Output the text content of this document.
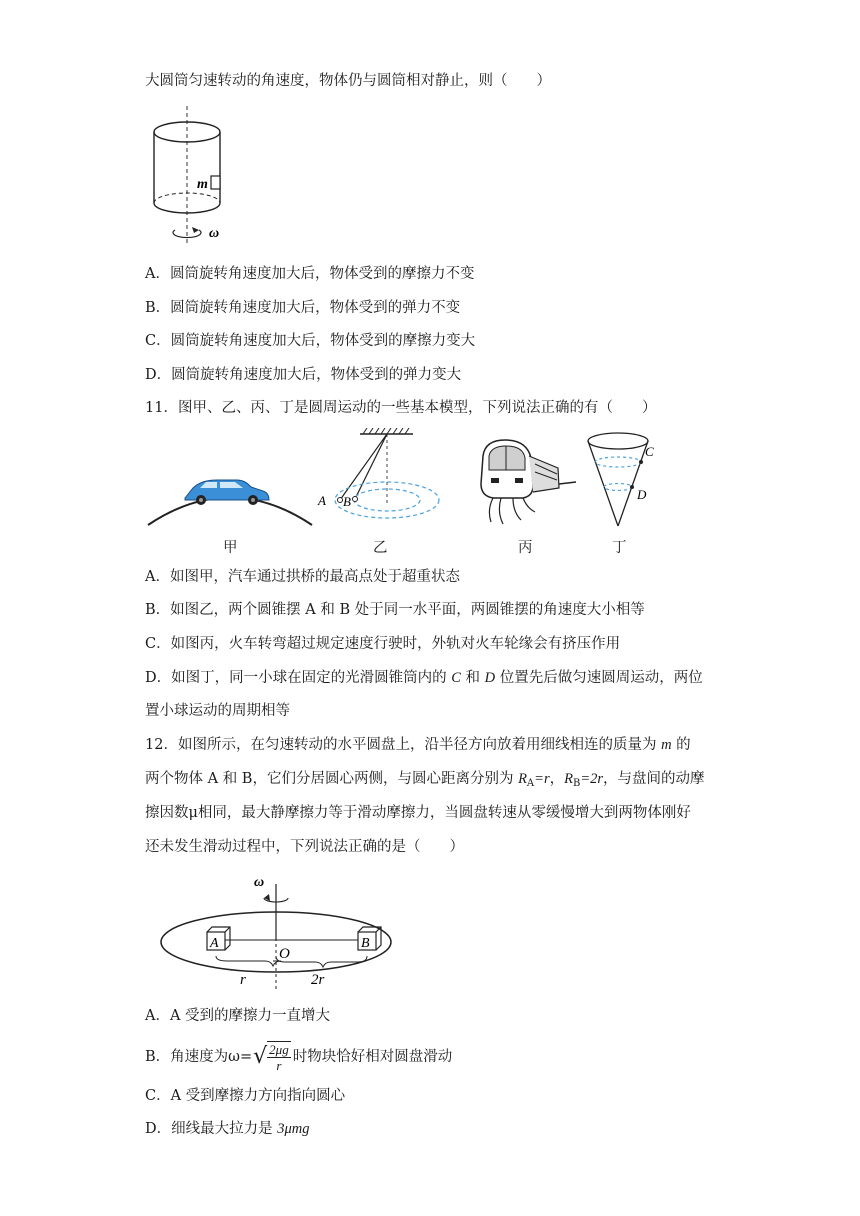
大圆筒匀速转动的角速度，物体仍与圆筒相对静止，则（　　）
m
ω
A．圆筒旋转角速度加大后，物体受到的摩擦力不变
B．圆筒旋转角速度加大后，物体受到的弹力不变
C．圆筒旋转角速度加大后，物体受到的摩擦力变大
D．圆筒旋转角速度加大后，物体受到的弹力变大
11．图甲、乙、丙、丁是圆周运动的一些基本模型，下列说法正确的有（　　）
甲
A B
乙	丙
C
D
丁
A．如图甲，汽车通过拱桥的最高点处于超重状态
B．如图乙，两个圆锥摆 A 和 B 处于同一水平面，两圆锥摆的角速度大小相等
C．如图丙，火车转弯超过规定速度行驶时，外轨对火车轮缘会有挤压作用
D．如图丁，同一小球在固定的光滑圆锥筒内的 C 和 D 位置先后做匀速圆周运动，两位
置小球运动的周期相等
12．如图所示，在匀速转动的水平圆盘上，沿半径方向放着用细线相连的质量为 m 的
两个物体 A 和 B，它们分居圆心两侧，与圆心距离分别为 $R_A=r$，$R_B=2r$，与盘间的动摩
擦因数μ相同，最大静摩擦力等于滑动摩擦力，当圆盘转速从零缓慢增大到两物体刚好
还未发生滑动过程中，下列说法正确的是（　　）
ω
A	B
O
r	2r
A．A 受到的摩擦力一直增大
B．角速度为$\omega=√ \frac{2\mu g}{r}$ 时物块恰好相对圆盘滑动
C．A 受到摩擦力方向指向圆心
D．细线最大拉力是 3μmg
